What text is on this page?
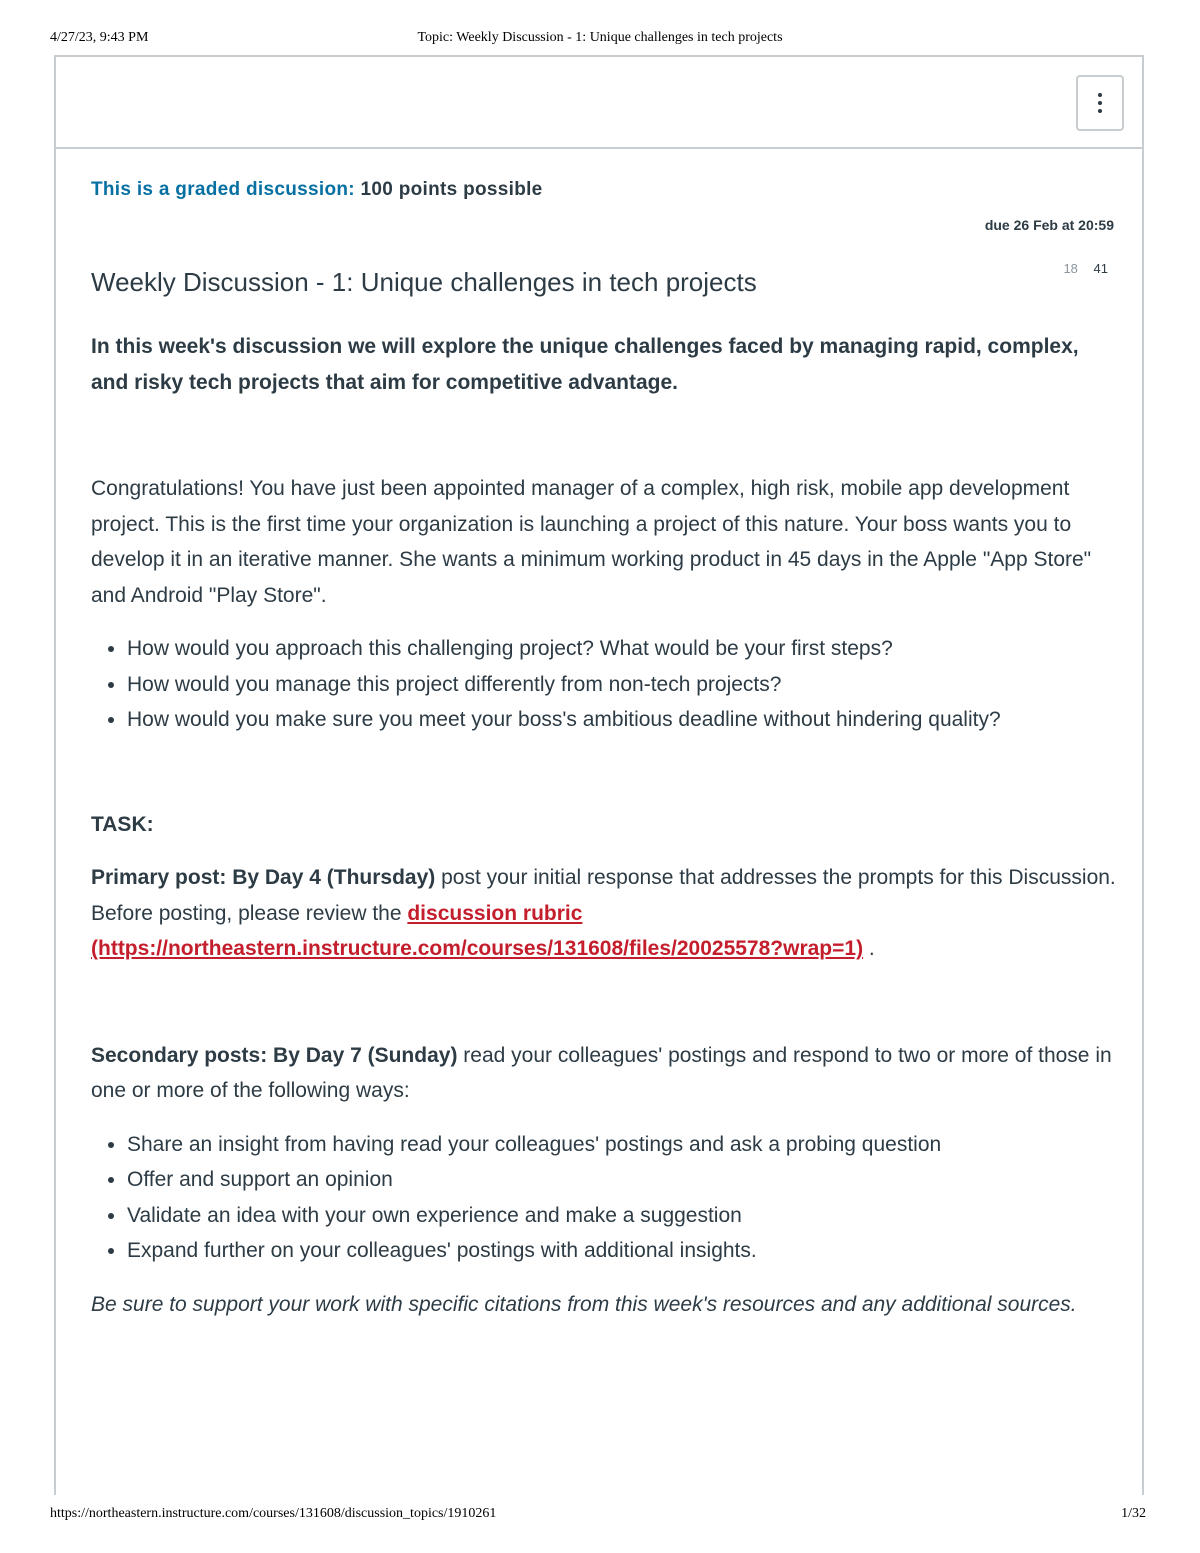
4/27/23, 9:43 PM	Topic: Weekly Discussion - 1: Unique challenges in tech projects
This is a graded discussion: 100 points possible
due 26 Feb at 20:59
18 41
Weekly Discussion - 1: Unique challenges in tech projects

In this week's discussion we will explore the unique challenges faced by managing rapid, complex, and risky tech projects that aim for competitive advantage.

Congratulations! You have just been appointed manager of a complex, high risk, mobile app development project. This is the first time your organization is launching a project of this nature. Your boss wants you to develop it in an iterative manner. She wants a minimum working product in 45 days in the Apple "App Store" and Android "Play Store".

• How would you approach this challenging project? What would be your first steps?
• How would you manage this project differently from non-tech projects?
• How would you make sure you meet your boss's ambitious deadline without hindering quality?

TASK:

Primary post: By Day 4 (Thursday) post your initial response that addresses the prompts for this Discussion. Before posting, please review the discussion rubric
(https://northeastern.instructure.com/courses/131608/files/20025578?wrap=1) .

Secondary posts: By Day 7 (Sunday) read your colleagues' postings and respond to two or more of those in one or more of the following ways:

• Share an insight from having read your colleagues' postings and ask a probing question
• Offer and support an opinion
• Validate an idea with your own experience and make a suggestion
• Expand further on your colleagues' postings with additional insights.

Be sure to support your work with specific citations from this week's resources and any additional sources.

https://northeastern.instructure.com/courses/131608/discussion_topics/1910261	1/32
